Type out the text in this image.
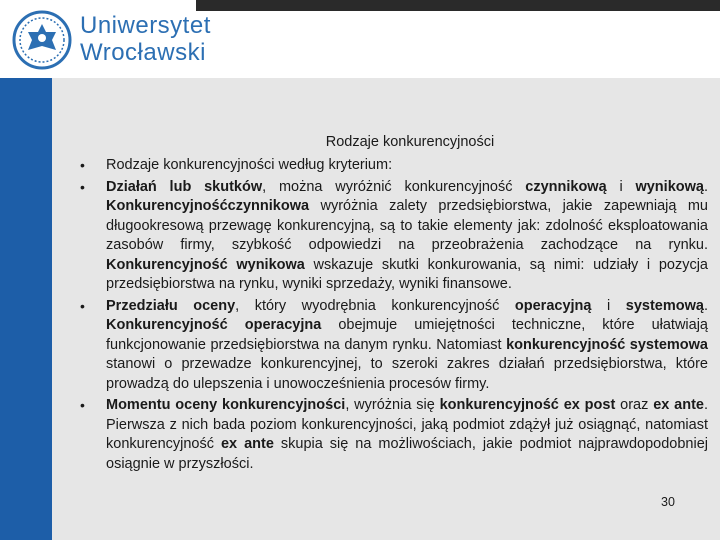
Uniwersytet
Wrocławski
Rodzaje konkurencyjności
• Rodzaje konkurencyjności według kryterium:
• Działań lub skutków, można wyróżnić konkurencyjność czynnikową i wynikową. Konkurencyjnośćczynnikowa wyróżnia zalety przedsiębiorstwa, jakie zapewniają mu długookresową przewagę konkurencyjną, są to takie elementy jak: zdolność eksploatowania zasobów firmy, szybkość odpowiedzi na przeobrażenia zachodzące na rynku. Konkurencyjność wynikowa wskazuje skutki konkurowania, są nimi: udziały i pozycja przedsiębiorstwa na rynku, wyniki sprzedaży, wyniki finansowe.
• Przedziału oceny, który wyodrębnia konkurencyjność operacyjną i systemową. Konkurencyjność operacyjna obejmuje umiejętności techniczne, które ułatwiają funkcjonowanie przedsiębiorstwa na danym rynku. Natomiast konkurencyjność systemowa stanowi o przewadze konkurencyjnej, to szeroki zakres działań przedsiębiorstwa, które prowadzą do ulepszenia i unowocześnienia procesów firmy.
• Momentu oceny konkurencyjności, wyróżnia się konkurencyjność ex post oraz ex ante. Pierwsza z nich bada poziom konkurencyjności, jaką podmiot zdążył już osiągnąć, natomiast konkurencyjność ex ante skupia się na możliwościach, jakie podmiot najprawdopodobniej osiągnie w przyszłości.
30
